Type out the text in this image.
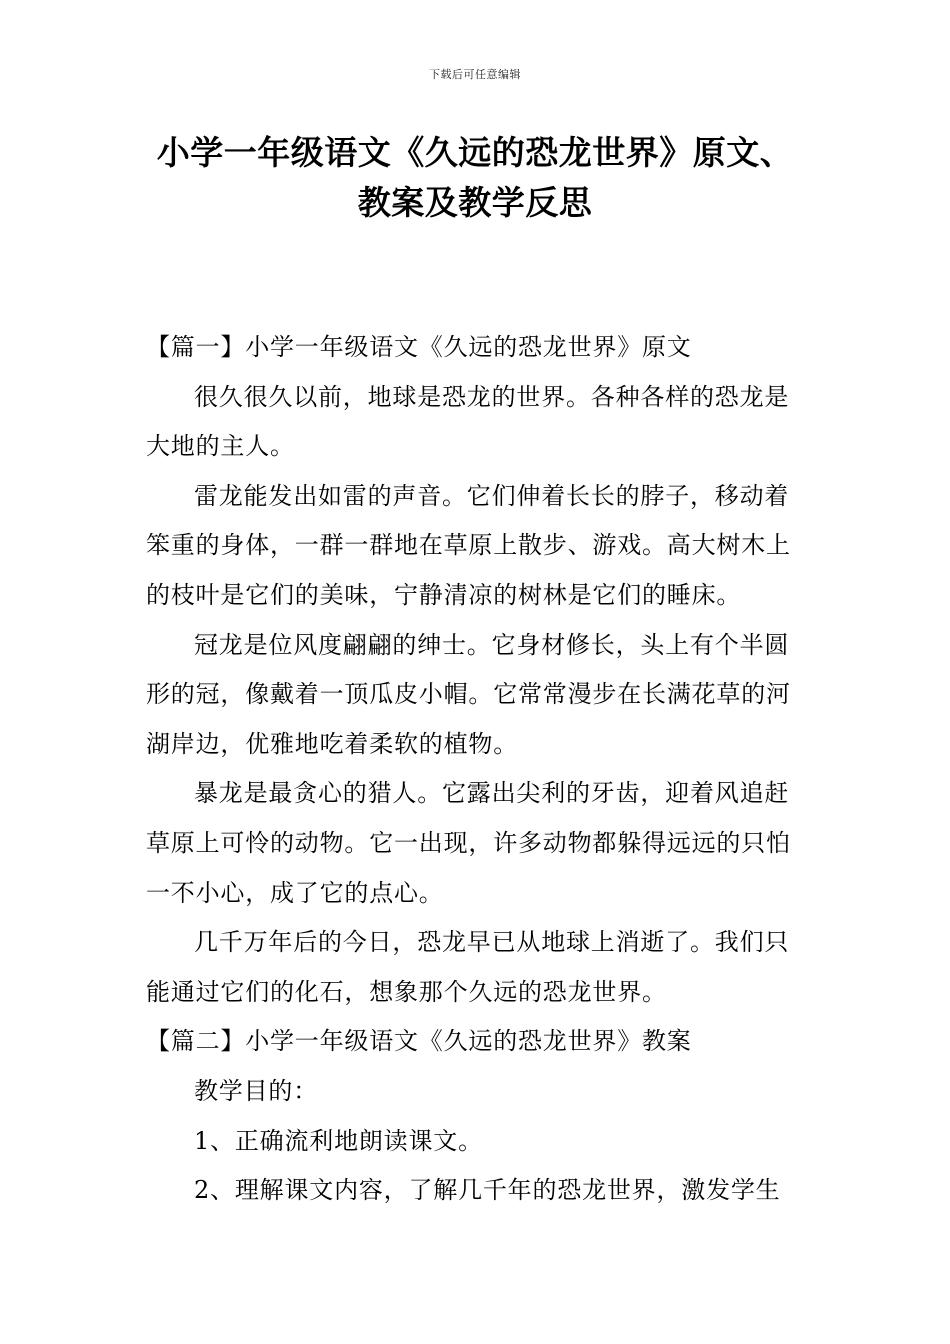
下载后可任意编辑
小学一年级语文《久远的恐龙世界》原文、
教案及教学反思

【篇一】小学一年级语文《久远的恐龙世界》原文

很久很久以前，地球是恐龙的世界。各种各样的恐龙是大地的主人。

雷龙能发出如雷的声音。它们伸着长长的脖子，移动着笨重的身体，一群一群地在草原上散步、游戏。高大树木上的枝叶是它们的美味，宁静清凉的树林是它们的睡床。

冠龙是位风度翩翩的绅士。它身材修长，头上有个半圆形的冠，像戴着一顶瓜皮小帽。它常常漫步在长满花草的河湖岸边，优雅地吃着柔软的植物。

暴龙是最贪心的猎人。它露出尖利的牙齿，迎着风追赶草原上可怜的动物。它一出现，许多动物都躲得远远的只怕一不小心，成了它的点心。

几千万年后的今日，恐龙早已从地球上消逝了。我们只能通过它们的化石，想象那个久远的恐龙世界。

【篇二】小学一年级语文《久远的恐龙世界》教案

教学目的：

1、正确流利地朗读课文。

2、理解课文内容，了解几千年的恐龙世界，激发学生
